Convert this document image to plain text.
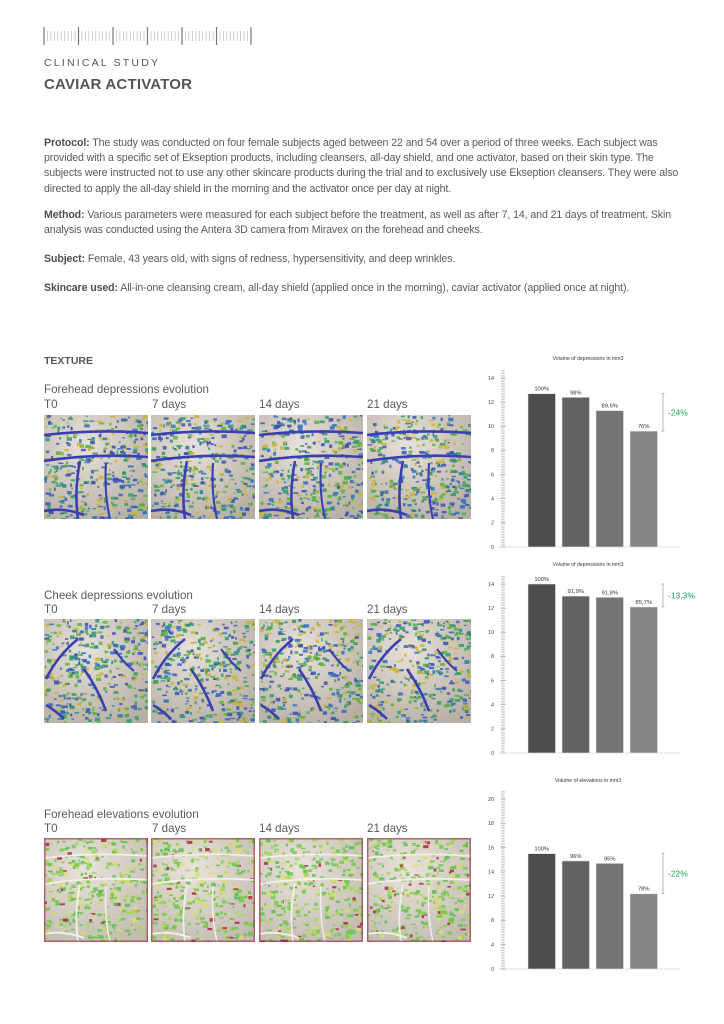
CLINICAL STUDY
CAVIAR ACTIVATOR

Protocol: The study was conducted on four female subjects aged between 22 and 54 over a period of three weeks. Each subject was provided with a specific set of Ekseption products, including cleansers, all-day shield, and one activator, based on their skin type. The subjects were instructed not to use any other skincare products during the trial and to exclusively use Ekseption cleansers. They were also directed to apply the all-day shield in the morning and the activator once per day at night.

Method: Various parameters were measured for each subject before the treatment, as well as after 7, 14, and 21 days of treatment. Skin analysis was conducted using the Antera 3D camera from Miravex on the forehead and cheeks.

Subject: Female, 43 years old, with signs of redness, hypersensitivity, and deep wrinkles.

Skincare used: All-in-one cleansing cream, all-day shield (applied once in the morning), caviar activator (applied once at night).

TEXTURE
Forehead depressions evolution
T0	7 days	14 days	21 days
Cheek depressions evolution
T0	7 days	14 days	21 days
Forehead elevations evolution
T0	7 days	14 days	21 days
Volume of depressions in mm3
0
2
4
6
8
10
12
14
100%
98%
89,6%
76%
-24%
Volume of depressions in mm3
0
2
4
6
8
10
12
14
100%
91,9%	91,8%
85,7%
-13,3%
Volume of elevations in mm3
0
4
8
12
14
16
18
20
100%
96%	95%
78%
-22%
